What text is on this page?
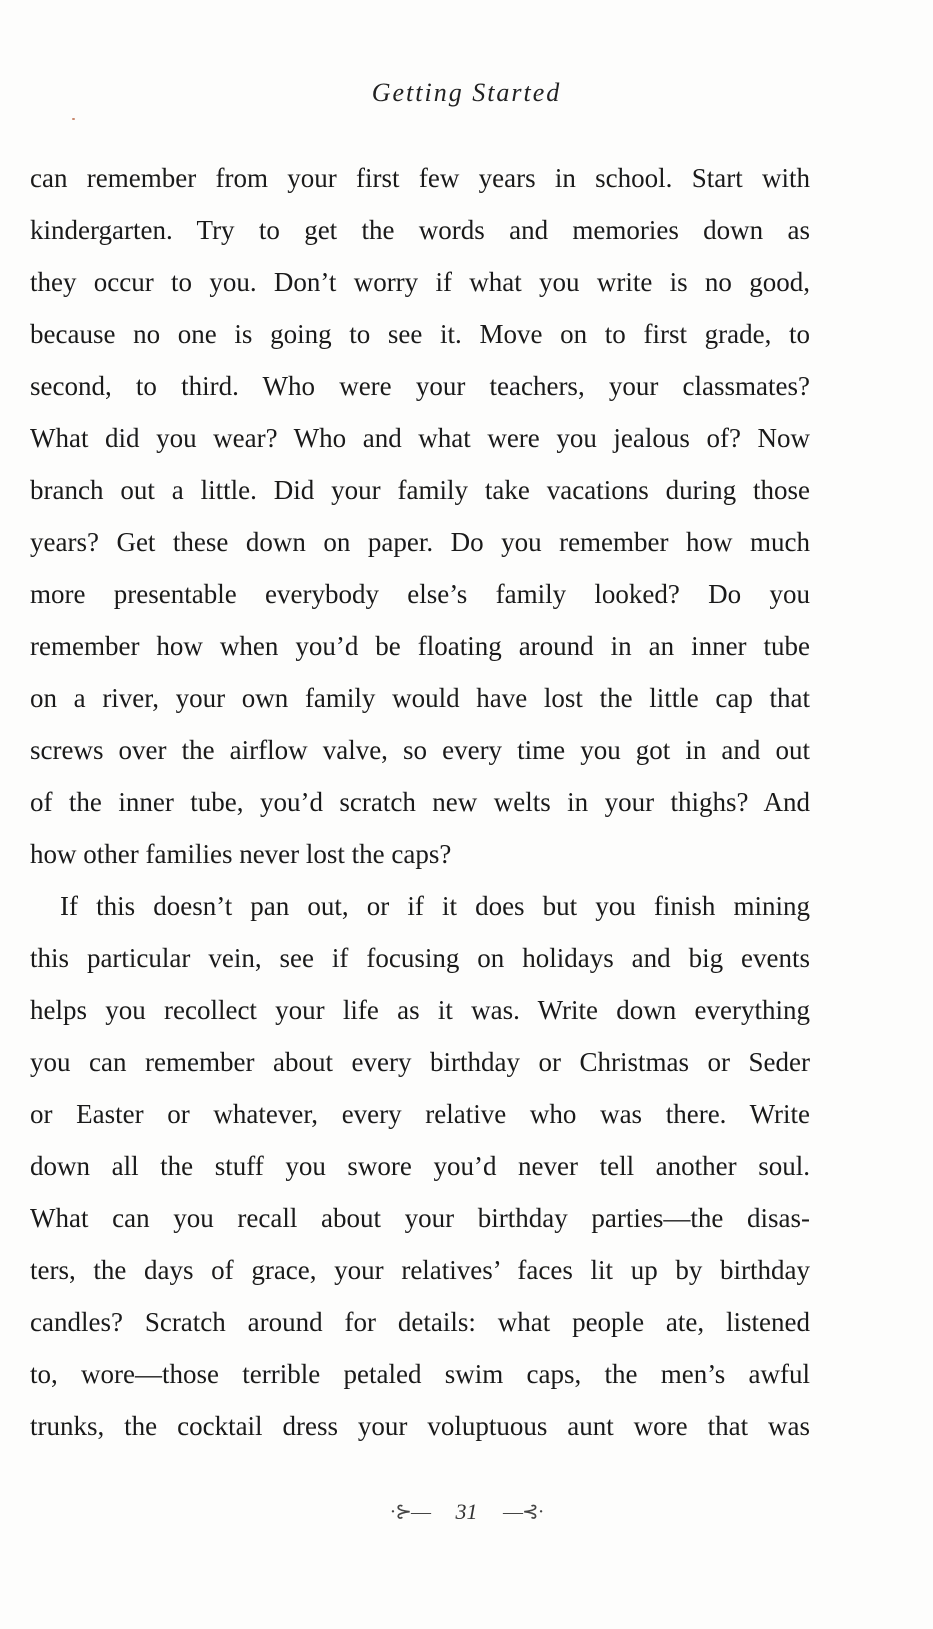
Getting Started
can remember from your first few years in school. Start with
kindergarten. Try to get the words and memories down as
they occur to you. Don’t worry if what you write is no good,
because no one is going to see it. Move on to first grade, to
second, to third. Who were your teachers, your classmates?
What did you wear? Who and what were you jealous of? Now
branch out a little. Did your family take vacations during those
years? Get these down on paper. Do you remember how much
more presentable everybody else’s family looked? Do you
remember how when you’d be floating around in an inner tube
on a river, your own family would have lost the little cap that
screws over the airflow valve, so every time you got in and out
of the inner tube, you’d scratch new welts in your thighs? And
how other families never lost the caps?
If this doesn’t pan out, or if it does but you finish mining
this particular vein, see if focusing on holidays and big events
helps you recollect your life as it was. Write down everything
you can remember about every birthday or Christmas or Seder
or Easter or whatever, every relative who was there. Write
down all the stuff you swore you’d never tell another soul.
What can you recall about your birthday parties—the disas-
ters, the days of grace, your relatives’ faces lit up by birthday
candles? Scratch around for details: what people ate, listened
to, wore—those terrible petaled swim caps, the men’s awful
trunks, the cocktail dress your voluptuous aunt wore that was
·⊱— 31 —⊰·
